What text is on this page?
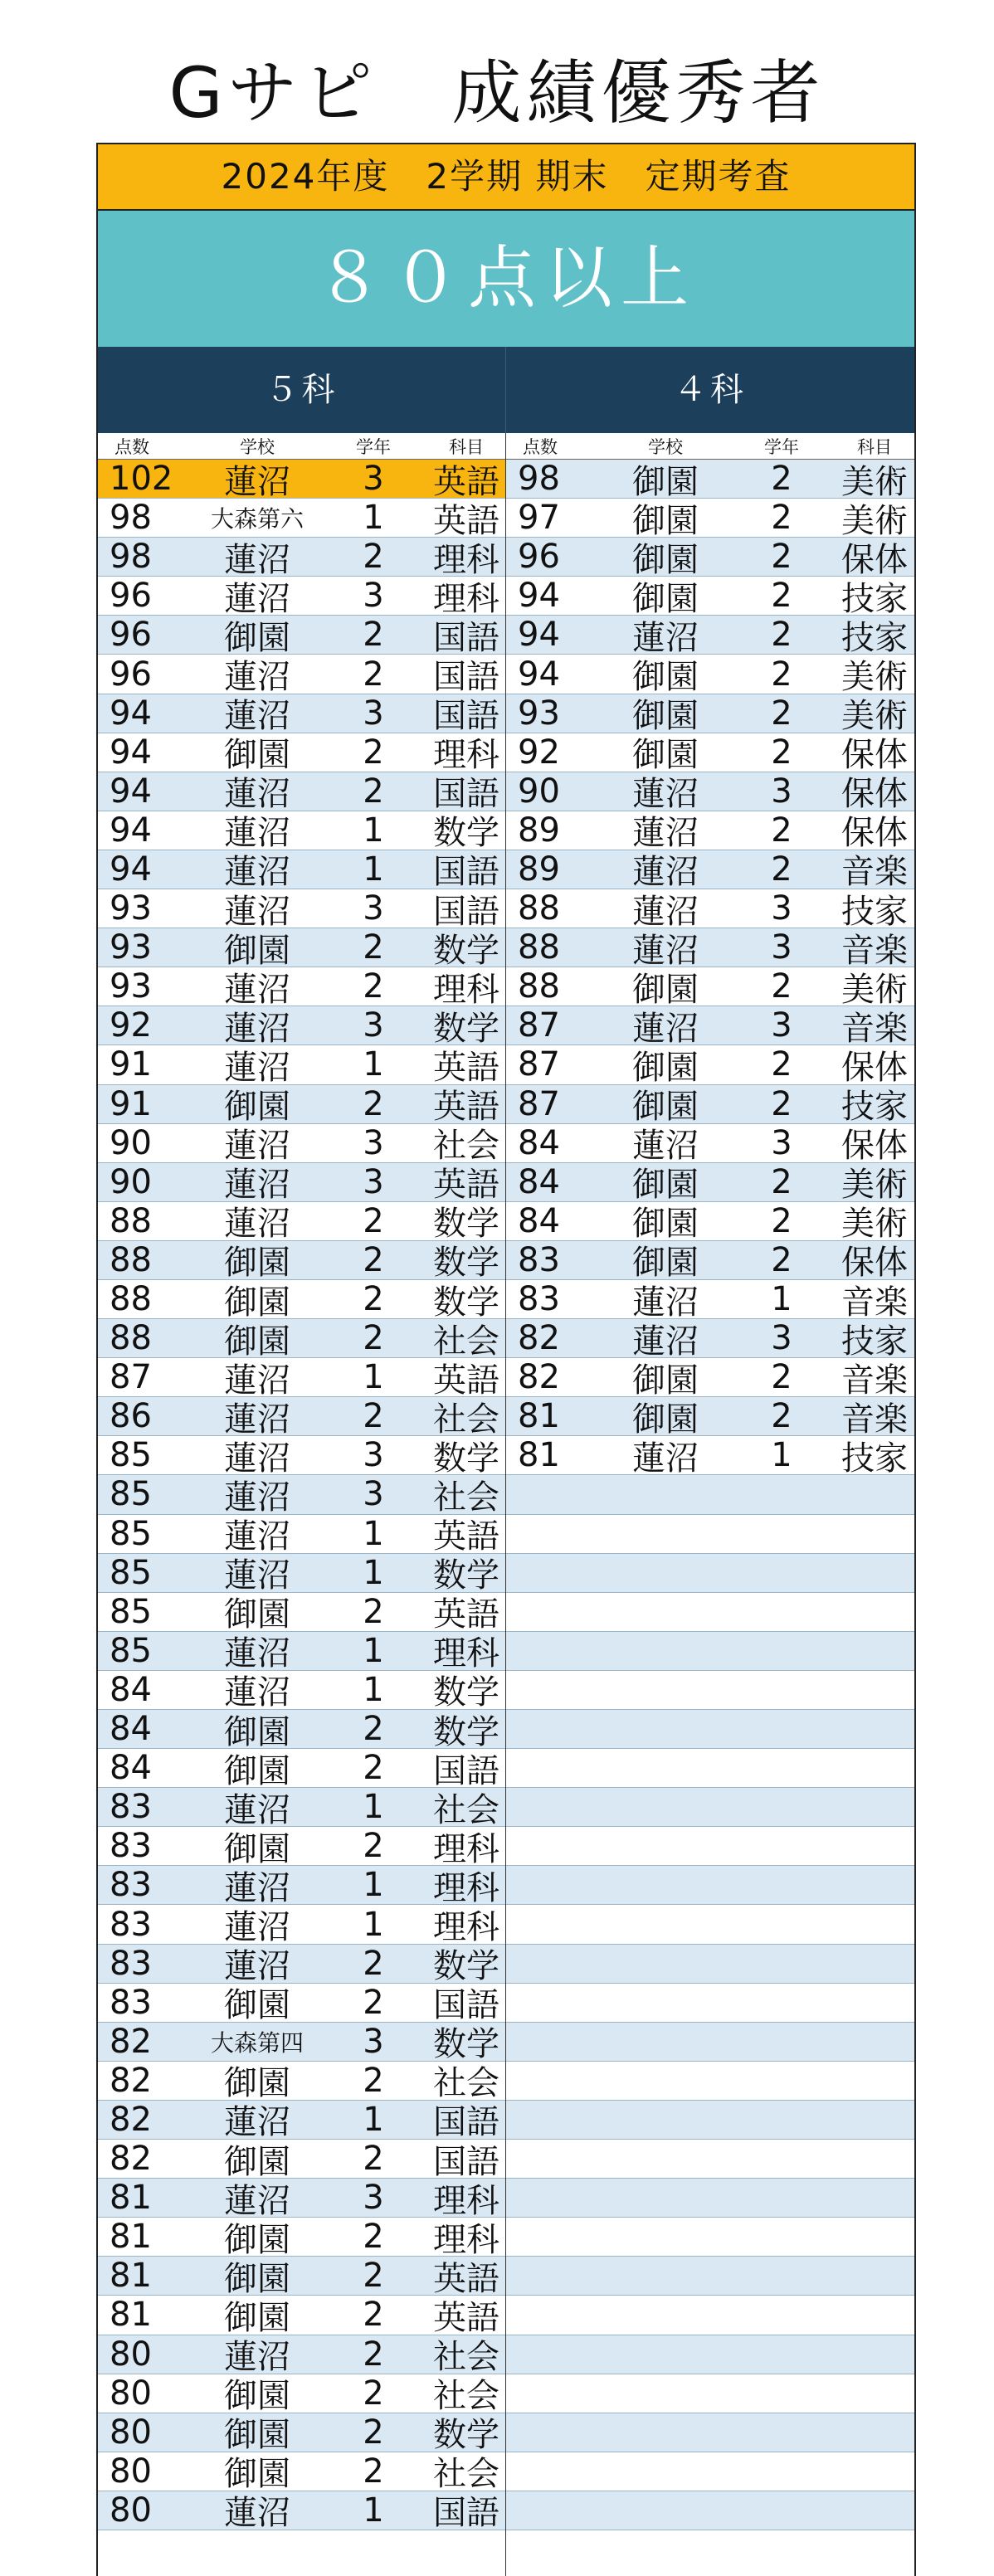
Gサピ　成績優秀者
2024年度　2学期 期末　定期考査
８０点以上
５科	４科
点数	学校	学年	科目
102	蓮沼	3	英語
98	大森第六	1	英語
98	蓮沼	2	理科
96	蓮沼	3	理科
96	御園	2	国語
96	蓮沼	2	国語
94	蓮沼	3	国語
94	御園	2	理科
94	蓮沼	2	国語
94	蓮沼	1	数学
94	蓮沼	1	国語
93	蓮沼	3	国語
93	御園	2	数学
93	蓮沼	2	理科
92	蓮沼	3	数学
91	蓮沼	1	英語
91	御園	2	英語
90	蓮沼	3	社会
90	蓮沼	3	英語
88	蓮沼	2	数学
88	御園	2	数学
88	御園	2	数学
88	御園	2	社会
87	蓮沼	1	英語
86	蓮沼	2	社会
85	蓮沼	3	数学
85	蓮沼	3	社会
85	蓮沼	1	英語
85	蓮沼	1	数学
85	御園	2	英語
85	蓮沼	1	理科
84	蓮沼	1	数学
84	御園	2	数学
84	御園	2	国語
83	蓮沼	1	社会
83	御園	2	理科
83	蓮沼	1	理科
83	蓮沼	1	理科
83	蓮沼	2	数学
83	御園	2	国語
82	大森第四	3	数学
82	御園	2	社会
82	蓮沼	1	国語
82	御園	2	国語
81	蓮沼	3	理科
81	御園	2	理科
81	御園	2	英語
81	御園	2	英語
80	蓮沼	2	社会
80	御園	2	社会
80	御園	2	数学
80	御園	2	社会
80	蓮沼	1	国語
点数	学校	学年	科目
98	御園	2	美術
97	御園	2	美術
96	御園	2	保体
94	御園	2	技家
94	蓮沼	2	技家
94	御園	2	美術
93	御園	2	美術
92	御園	2	保体
90	蓮沼	3	保体
89	蓮沼	2	保体
89	蓮沼	2	音楽
88	蓮沼	3	技家
88	蓮沼	3	音楽
88	御園	2	美術
87	蓮沼	3	音楽
87	御園	2	保体
87	御園	2	技家
84	蓮沼	3	保体
84	御園	2	美術
84	御園	2	美術
83	御園	2	保体
83	蓮沼	1	音楽
82	蓮沼	3	技家
82	御園	2	音楽
81	御園	2	音楽
81	蓮沼	1	技家
